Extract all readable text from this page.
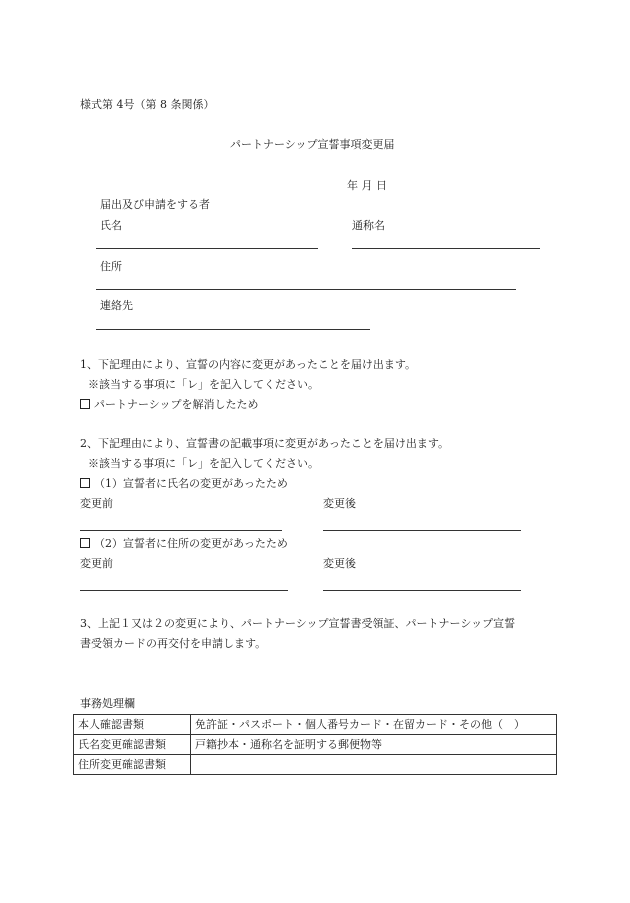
様式第 4号（第 8 条関係）
パートナーシップ宣誓事項変更届
年 月 日
届出及び申請をする者
氏名	通称名
住所
連絡先
1、下記理由により、宣誓の内容に変更があったことを届け出ます。
※該当する事項に「レ」を記入してください。
パートナーシップを解消したため
2、下記理由により、宣誓書の記載事項に変更があったことを届け出ます。
※該当する事項に「レ」を記入してください。
（1）宣誓者に氏名の変更があったため
変更前	変更後
（2）宣誓者に住所の変更があったため
変更前	変更後
3、上記１又は２の変更により、パートナーシップ宣誓書受領証、パートナーシップ宣誓
書受領カードの再交付を申請します。
事務処理欄
本人確認書類	免許証・パスポート・個人番号カード・在留カード・その他（　）
氏名変更確認書類	戸籍抄本・通称名を証明する郵便物等
住所変更確認書類	
